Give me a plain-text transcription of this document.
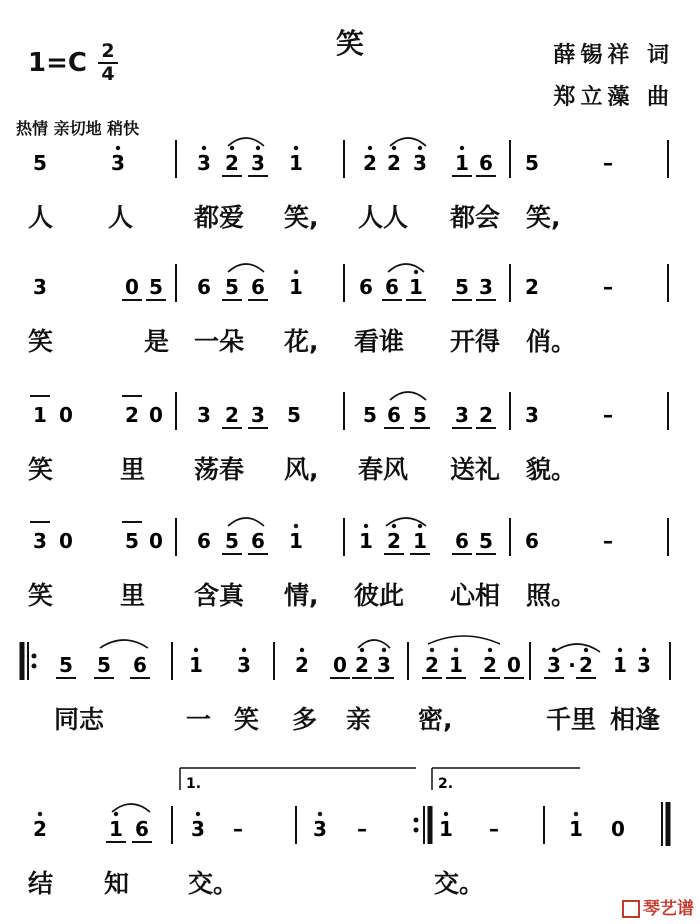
笑
1=C 2
4
薛锡祥 词
郑立藻 曲
热情 亲切地 稍快
5	3	3 2 3 1	2 2 3 1 6 5	–
3	0 5 6 5 6 1	6 6 1 5 3 2	–
1 0	2 0 3 2 3 5	5 6 5 3 2 3	–
3 0	5 0 6 5 6 1	1 2 1 6 5 6	–
5 5 6 1 3 2 0 2 3 2 1 2 0 3 · 2 1 3
2	1 6 3 –	3 –	1 –	1 0
1.	2.
人 人 都爱 笑, 人人 都会 笑,
笑	是 一朵 花, 看谁 开得 俏。
笑	里 荡春 风, 春风 送礼 貌。
笑	里 含真 情, 彼此 心相 照。
同志	一 笑 多 亲 密,	千里 相逢
结 知 交。	交。
琴艺谱
